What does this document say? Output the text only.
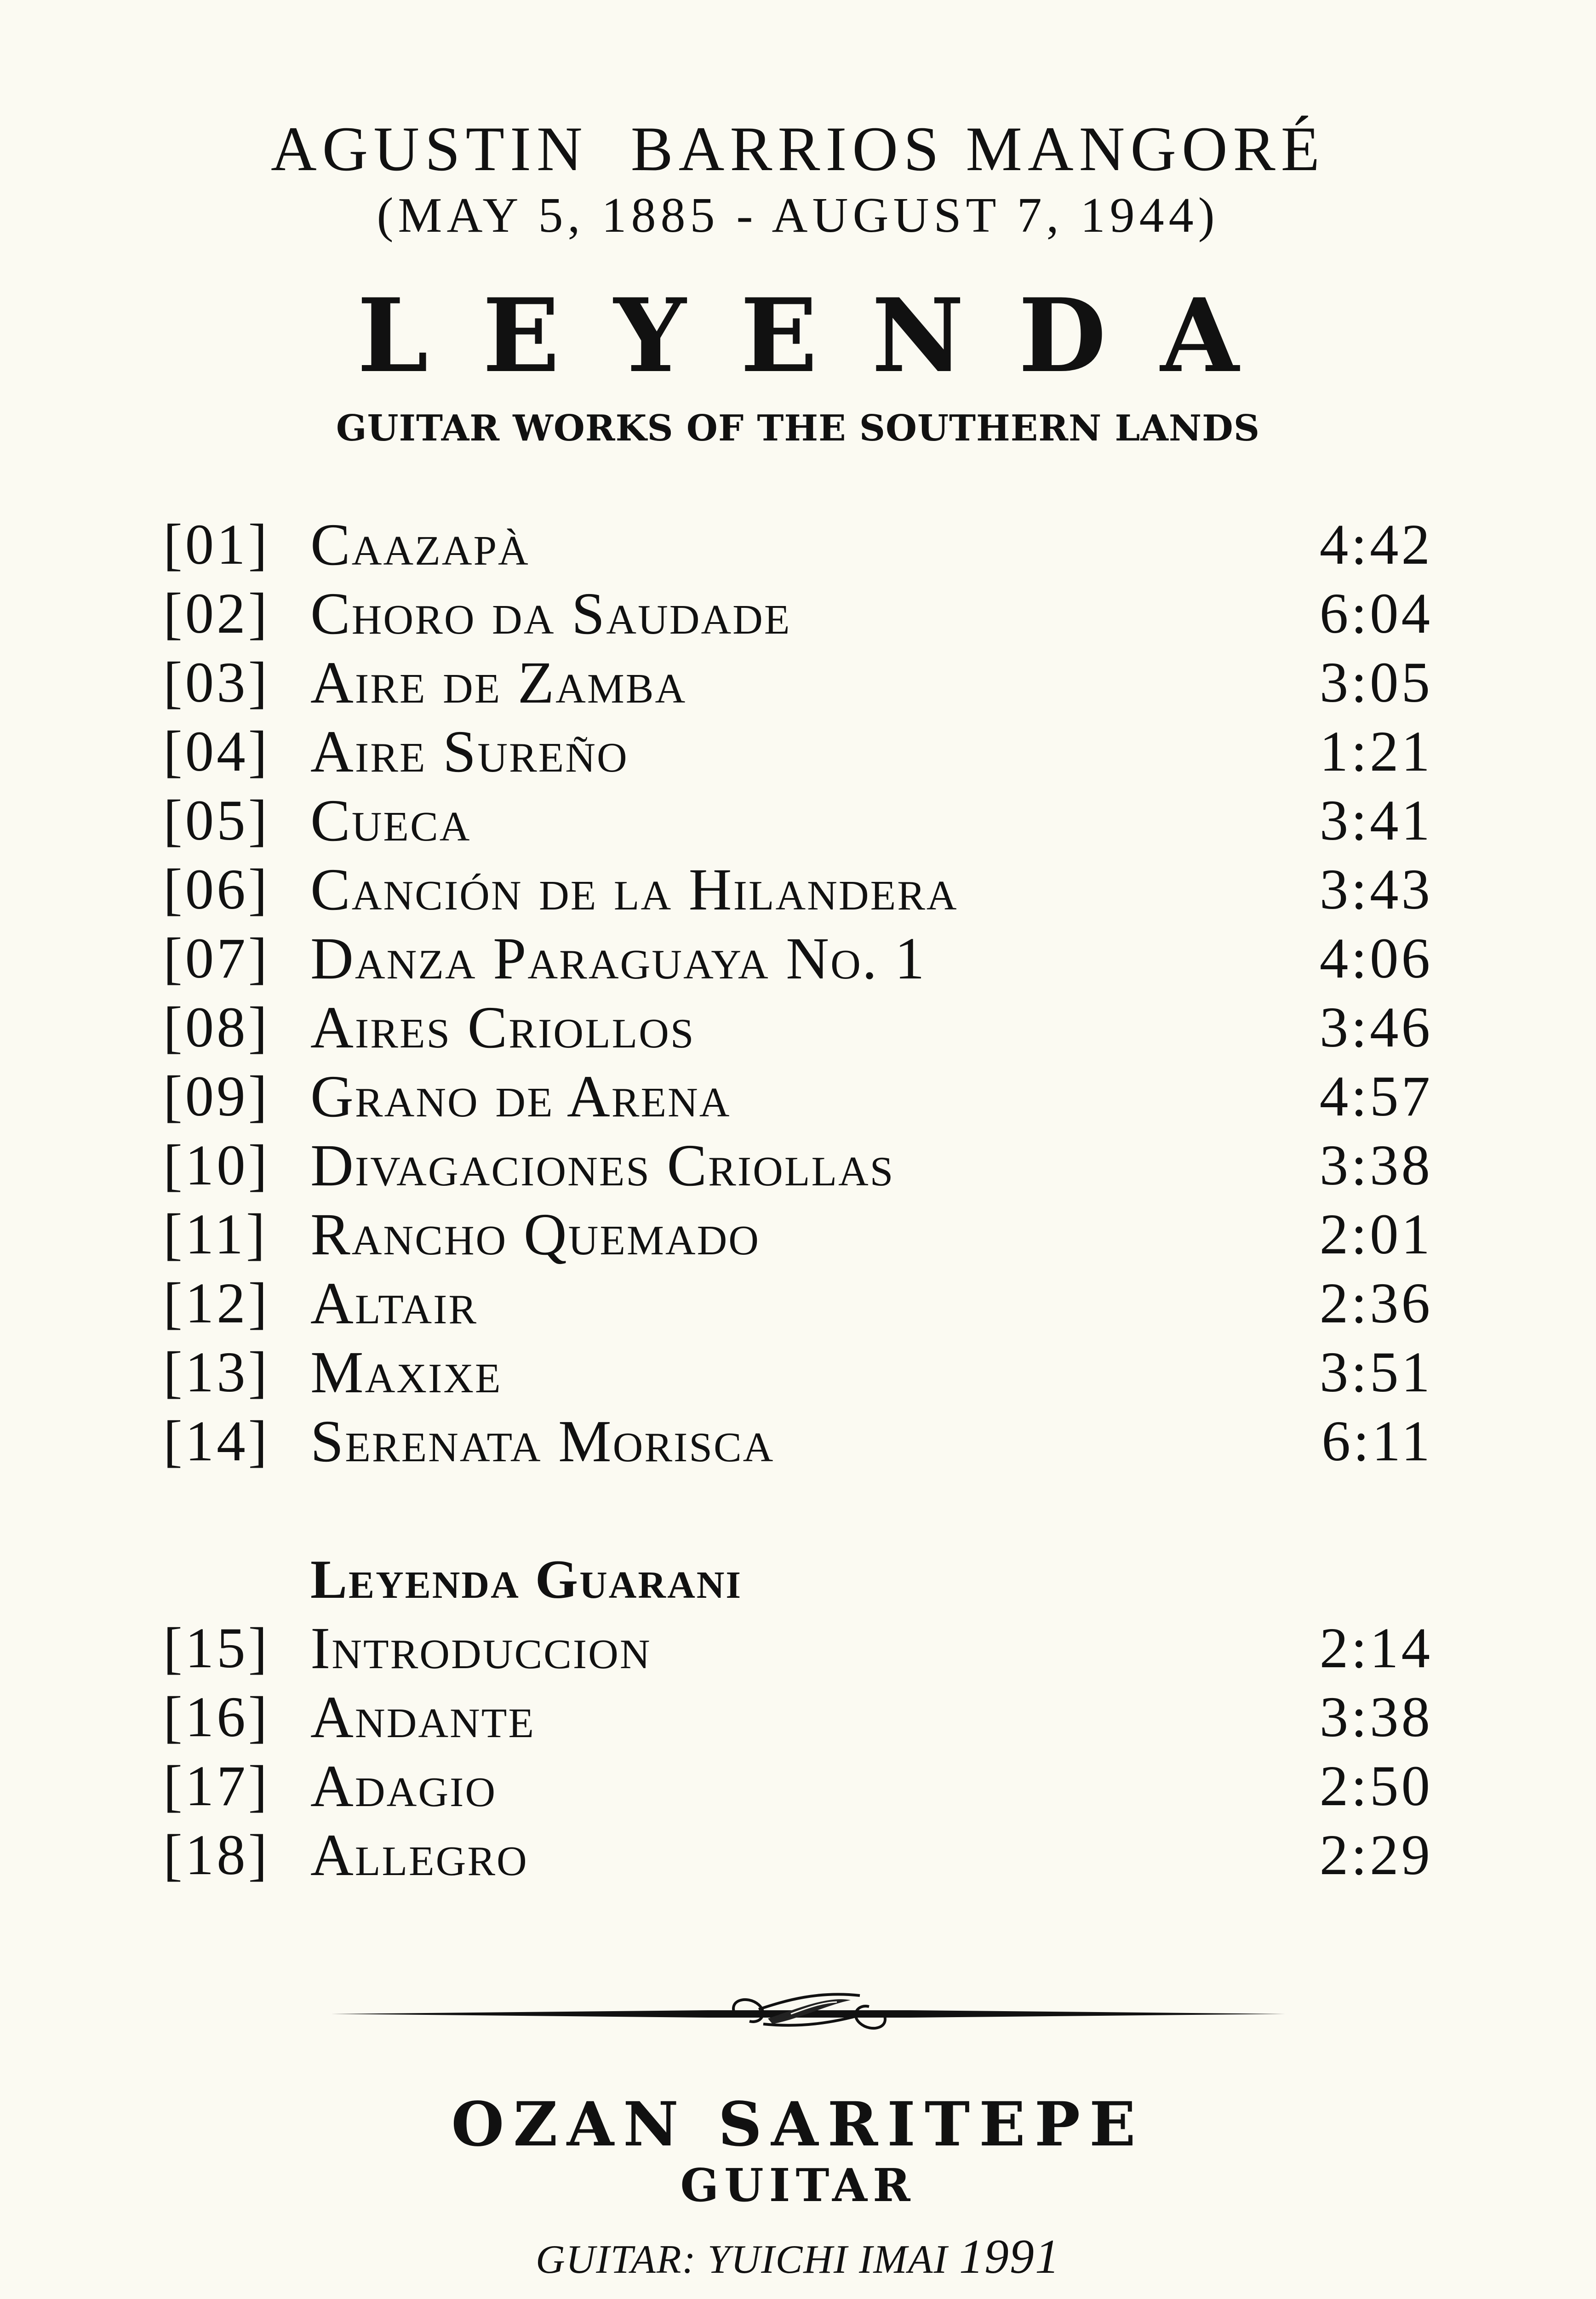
AGUSTIN  BARRIOS MANGORÉ
(MAY 5, 1885 - AUGUST 7, 1944)
LEYENDA
GUITAR WORKS OF THE SOUTHERN LANDS
[01] Caazapà	4:42
[02] Choro da Saudade	6:04
[03] Aire de Zamba	3:05
[04] Aire Sureño	1:21
[05] Cueca	3:41
[06] Canción de la Hilandera	3:43
[07] Danza Paraguaya No. 1	4:06
[08] Aires Criollos	3:46
[09] Grano de Arena	4:57
[10] Divagaciones Criollas	3:38
[11] Rancho Quemado	2:01
[12] Altair	2:36
[13] Maxixe	3:51
[14] Serenata Morisca	6:11
Leyenda Guarani
[15] Introduccion	2:14
[16] Andante	3:38
[17] Adagio	2:50
[18] Allegro	2:29
OZAN SARITEPE
GUITAR
GUITAR: YUICHI IMAI 1991
